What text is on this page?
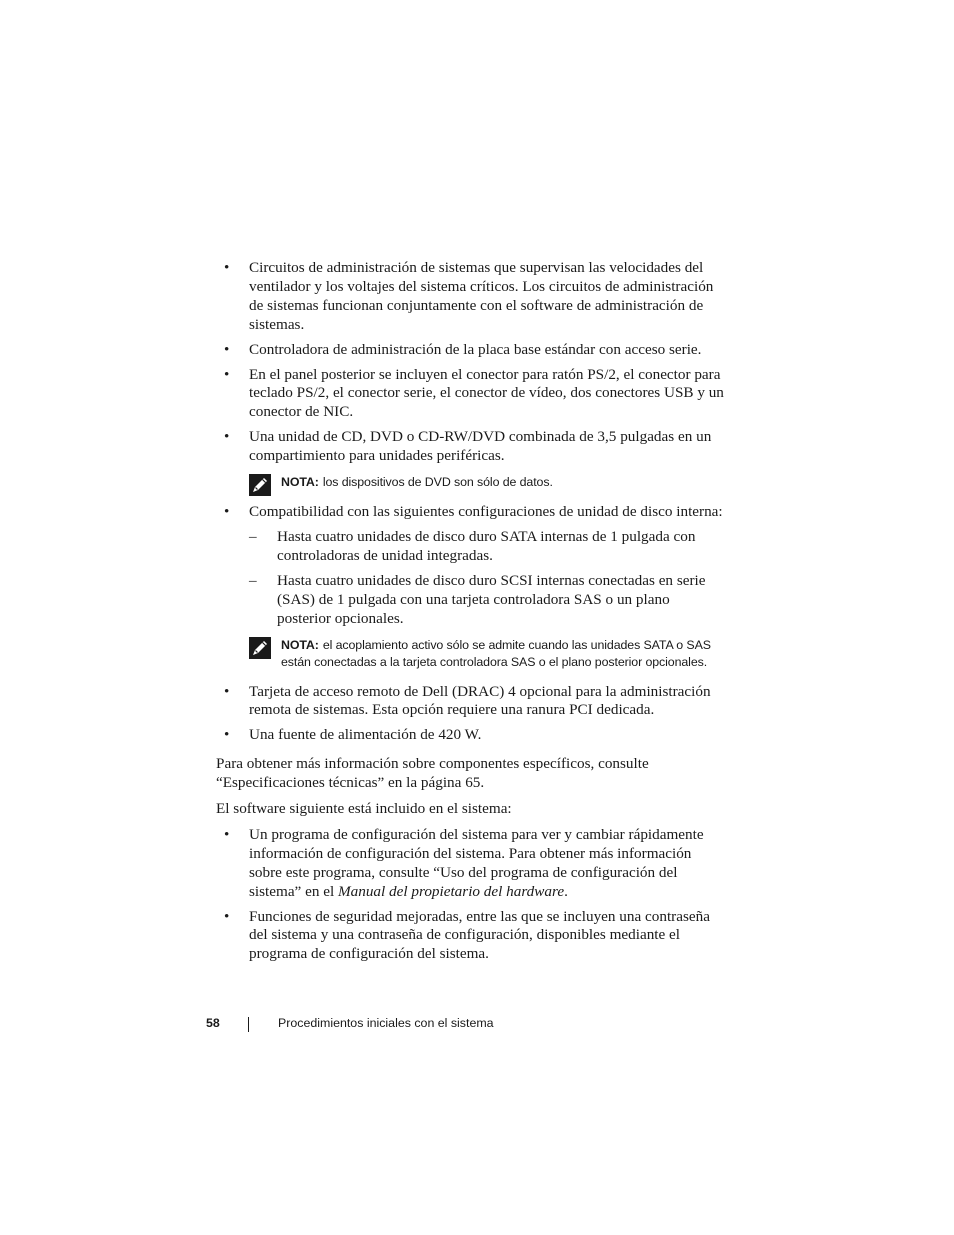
• Circuitos de administración de sistemas que supervisan las velocidades del ventilador y los voltajes del sistema críticos. Los circuitos de administración de sistemas funcionan conjuntamente con el software de administración de sistemas.
• Controladora de administración de la placa base estándar con acceso serie.
• En el panel posterior se incluyen el conector para ratón PS/2, el conector para teclado PS/2, el conector serie, el conector de vídeo, dos conectores USB y un conector de NIC.
• Una unidad de CD, DVD o CD-RW/DVD combinada de 3,5 pulgadas en un compartimiento para unidades periféricas.
NOTA: los dispositivos de DVD son sólo de datos.
• Compatibilidad con las siguientes configuraciones de unidad de disco interna:
– Hasta cuatro unidades de disco duro SATA internas de 1 pulgada con controladoras de unidad integradas.
– Hasta cuatro unidades de disco duro SCSI internas conectadas en serie (SAS) de 1 pulgada con una tarjeta controladora SAS o un plano posterior opcionales.
NOTA: el acoplamiento activo sólo se admite cuando las unidades SATA o SAS están conectadas a la tarjeta controladora SAS o el plano posterior opcionales.
• Tarjeta de acceso remoto de Dell (DRAC) 4 opcional para la administración remota de sistemas. Esta opción requiere una ranura PCI dedicada.
• Una fuente de alimentación de 420 W.

Para obtener más información sobre componentes específicos, consulte “Especificaciones técnicas” en la página 65.

El software siguiente está incluido en el sistema:

• Un programa de configuración del sistema para ver y cambiar rápidamente información de configuración del sistema. Para obtener más información sobre este programa, consulte “Uso del programa de configuración del sistema” en el Manual del propietario del hardware.
• Funciones de seguridad mejoradas, entre las que se incluyen una contraseña del sistema y una contraseña de configuración, disponibles mediante el programa de configuración del sistema.
58	Procedimientos iniciales con el sistema
